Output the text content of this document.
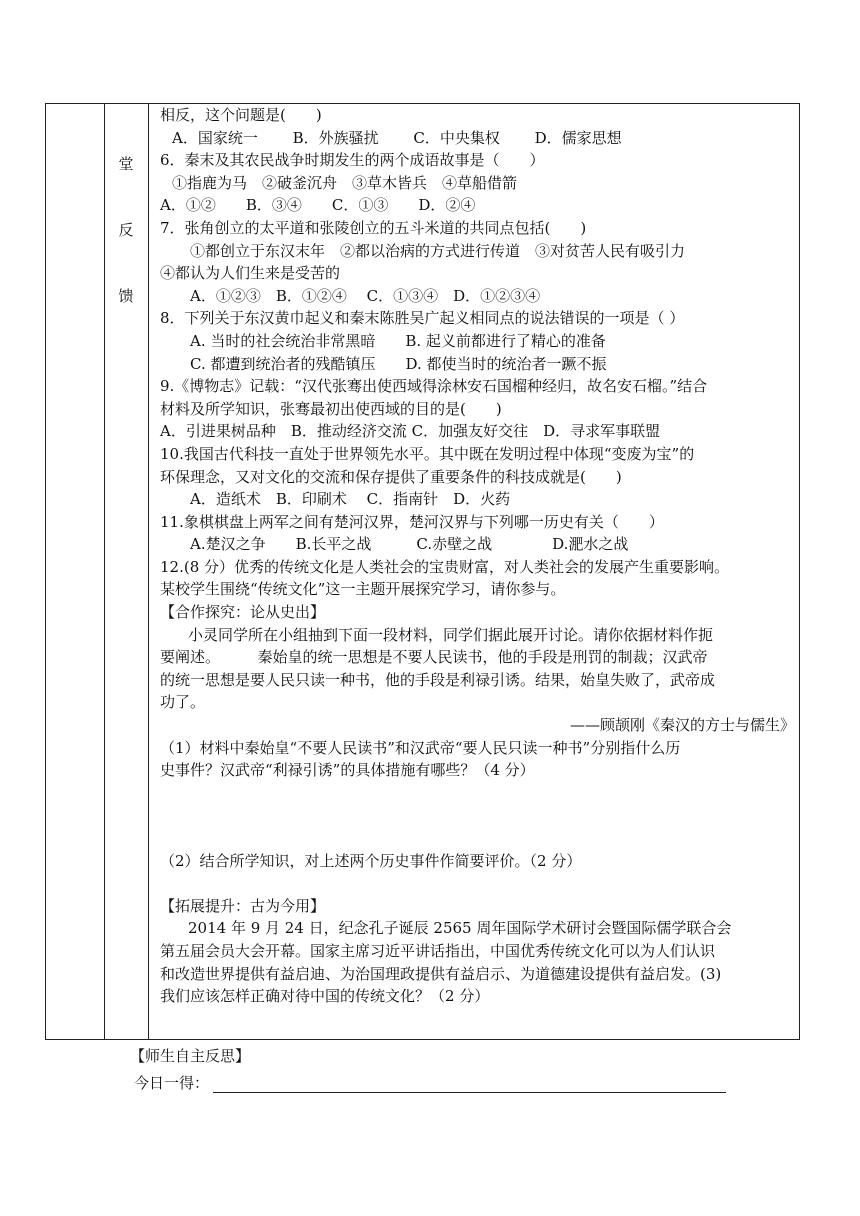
堂
反
馈

相反，这个问题是(　　)

A．国家统一　　 B．外族骚扰　　 C．中央集权　　 D．儒家思想

6．秦末及其农民战争时期发生的两个成语故事是（　　）

①指鹿为马　②破釜沉舟　③草木皆兵　④草船借箭

A．①②　　B．③④　　C．①③　　D．②④

7．张角创立的太平道和张陵创立的五斗米道的共同点包括(　　)

①都创立于东汉末年　②都以治病的方式进行传道　③对贫苦人民有吸引力

④都认为人们生来是受苦的

A．①②③　B．①②④　 C．①③④　D．①②③④

8．下列关于东汉黄巾起义和秦末陈胜吴广起义相同点的说法错误的一项是（ ）

A. 当时的社会统治非常黑暗　　B. 起义前都进行了精心的准备

C. 都遭到统治者的残酷镇压　　D. 都使当时的统治者一蹶不振

9.《博物志》记载：“汉代张骞出使西域得涂林安石国榴种经归，故名安石榴。”结合

材料及所学知识，张骞最初出使西域的目的是(　　)

A．引进果树品种　B．推动经济交流 C．加强友好交往　D．寻求军事联盟

10.我国古代科技一直处于世界领先水平。其中既在发明过程中体现“变废为宝”的

环保理念，又对文化的交流和保存提供了重要条件的科技成就是(　　)

A．造纸术　B．印刷术　 C．指南针　D．火药

11.象棋棋盘上两军之间有楚河汉界，楚河汉界与下列哪一历史有关（　　）

A.楚汉之争　　B.长平之战　　　C.赤壁之战　　　　D.淝水之战

12.(8 分）优秀的传统文化是人类社会的宝贵财富，对人类社会的发展产生重要影响。

某校学生围绕“传统文化”这一主题开展探究学习，请你参与。

【合作探究：论从史出】

小灵同学所在小组抽到下面一段材料，同学们据此展开讨论。请你依据材料作扼

要阐述。　　　秦始皇的统一思想是不要人民读书，他的手段是刑罚的制裁；汉武帝

的统一思想是要人民只读一种书，他的手段是利禄引诱。结果，始皇失败了，武帝成

功了。

——顾颉刚《秦汉的方士与儒生》

（1）材料中秦始皇“不要人民读书”和汉武帝“要人民只读一种书”分别指什么历

史事件？汉武帝“利禄引诱”的具体措施有哪些？（4 分）

（2）结合所学知识，对上述两个历史事件作简要评价。（2 分）

【拓展提升：古为今用】

2014 年 9 月 24 日，纪念孔子诞辰 2565 周年国际学术研讨会暨国际儒学联合会

第五届会员大会开幕。国家主席习近平讲话指出，中国优秀传统文化可以为人们认识

和改造世界提供有益启迪、为治国理政提供有益启示、为道德建设提供有益启发。(3)

我们应该怎样正确对待中国的传统文化？（2 分）

【师生自主反思】
今日一得：
